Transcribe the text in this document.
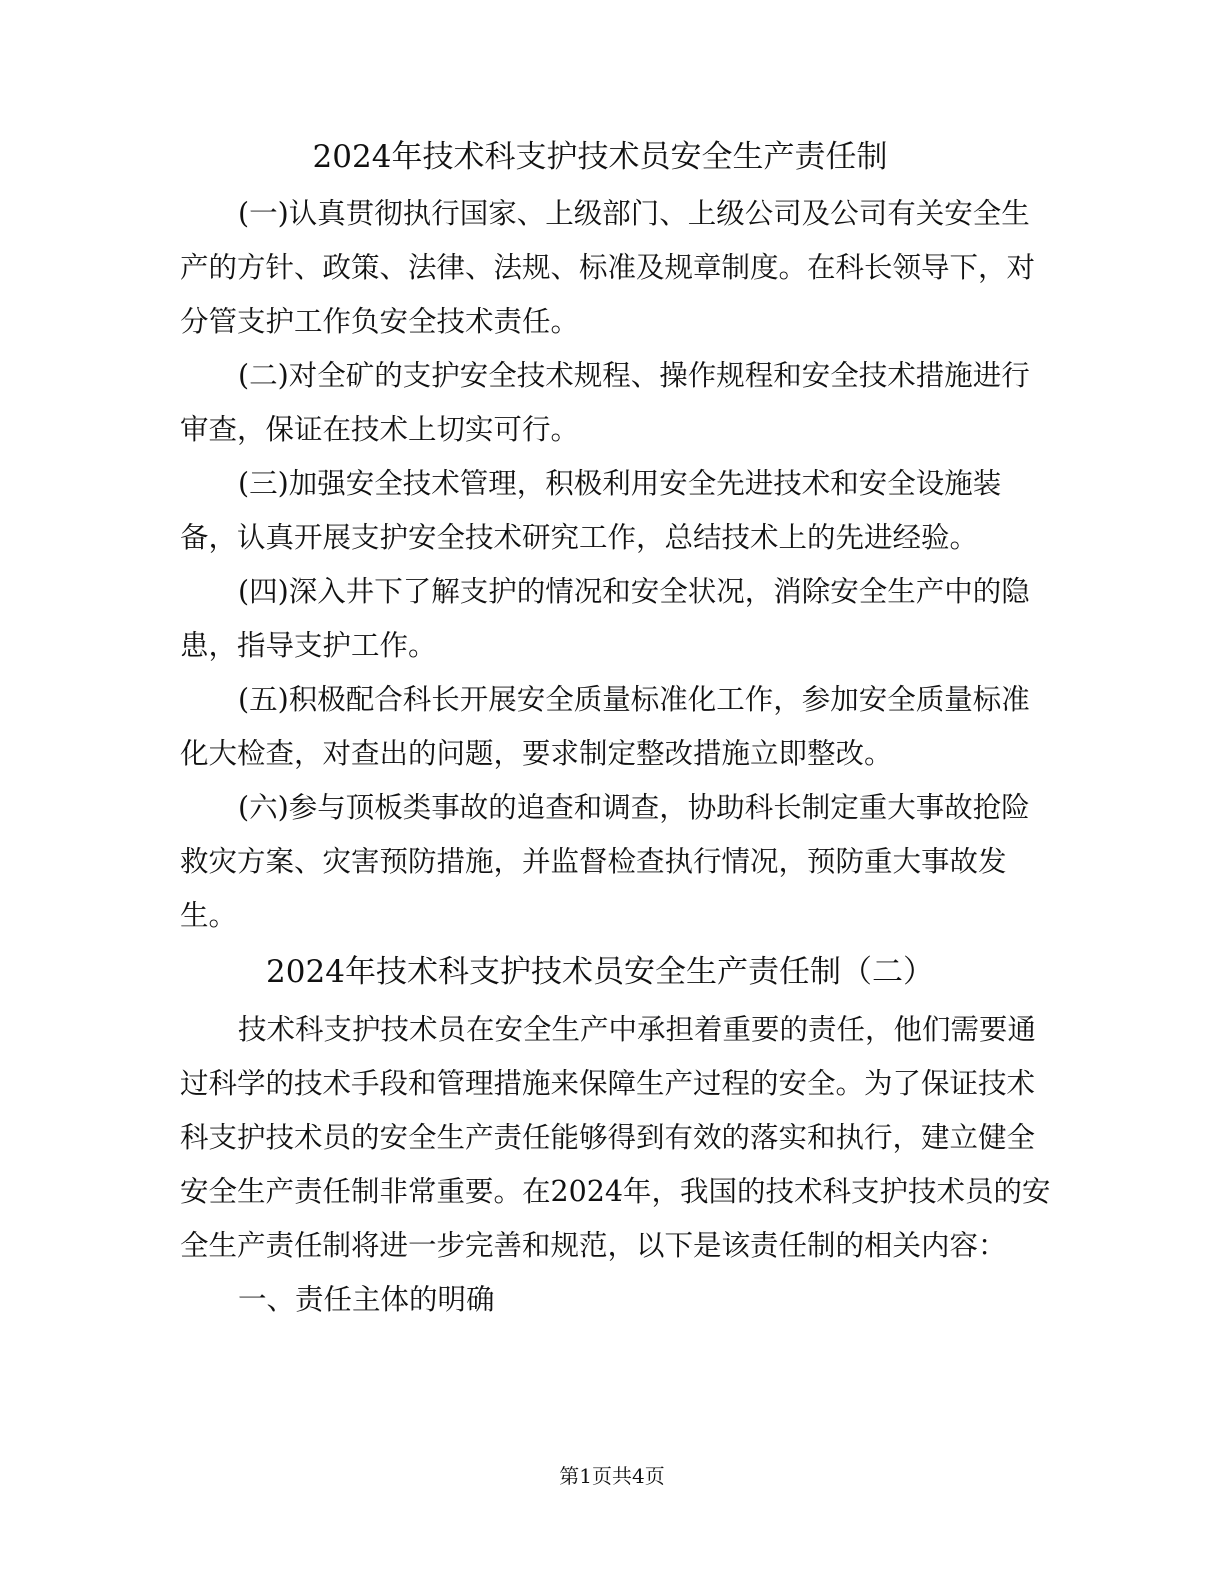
2024年技术科支护技术员安全生产责任制
(一)认真贯彻执行国家、上级部门、上级公司及公司有关安全生
产的方针、政策、法律、法规、标准及规章制度。在科长领导下，对
分管支护工作负安全技术责任。
(二)对全矿的支护安全技术规程、操作规程和安全技术措施进行
审查，保证在技术上切实可行。
(三)加强安全技术管理，积极利用安全先进技术和安全设施装
备，认真开展支护安全技术研究工作，总结技术上的先进经验。
(四)深入井下了解支护的情况和安全状况，消除安全生产中的隐
患，指导支护工作。
(五)积极配合科长开展安全质量标准化工作，参加安全质量标准
化大检查，对查出的问题，要求制定整改措施立即整改。
(六)参与顶板类事故的追查和调查，协助科长制定重大事故抢险
救灾方案、灾害预防措施，并监督检查执行情况，预防重大事故发
生。
2024年技术科支护技术员安全生产责任制（二）
技术科支护技术员在安全生产中承担着重要的责任，他们需要通
过科学的技术手段和管理措施来保障生产过程的安全。为了保证技术
科支护技术员的安全生产责任能够得到有效的落实和执行，建立健全
安全生产责任制非常重要。在2024年，我国的技术科支护技术员的安
全生产责任制将进一步完善和规范，以下是该责任制的相关内容：
一、责任主体的明确
第1页共4页
